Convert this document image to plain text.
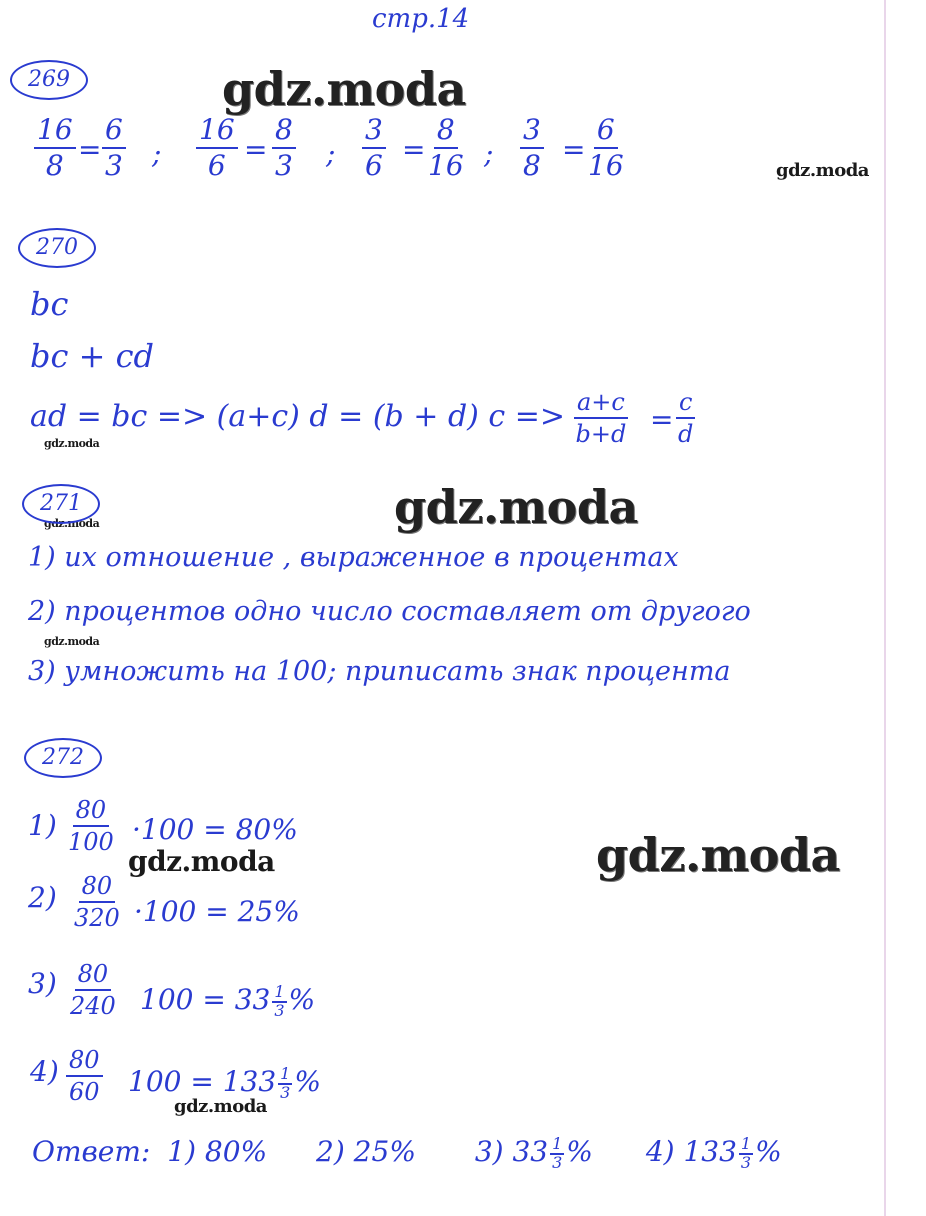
стр.14
gdz.moda
gdz.moda
gdz.moda
gdz.moda
gdz.moda
gdz.moda
gdz.moda	gdz.moda
gdz.moda
269
$\frac{16}{8} = \frac{6}{3}$ ; $\frac{16}{6} = \frac{8}{3}$ ; $\frac{3}{6} = \frac{8}{16}$ ; $\frac{3}{8} = \frac{6}{16}$
270
bc
bc + cd
ad = bc => (a+c) d = (b + d) $c => \frac{a+c}{b+d} = \frac{c}{d}$
271
1) их отношение , выраженное в процентах
2) процентов одно число составляет от другого
3) умножить на 100; приписать знак процента
272
$1) \frac{80}{100} \cdot 100 = 80\%$
$2) \frac{80}{320} \cdot 100 = 25\%$
$3) \frac{80}{240} 100 = 33 \frac{1}{3}$ %
$4) \frac{80}{60} 100 = 133 \frac{1}{3}$ %
Ответ: 1) 80% 2) 25% 3) $33 \frac{1}{3}$ % 4) $133 \frac{1}{3}$ %
